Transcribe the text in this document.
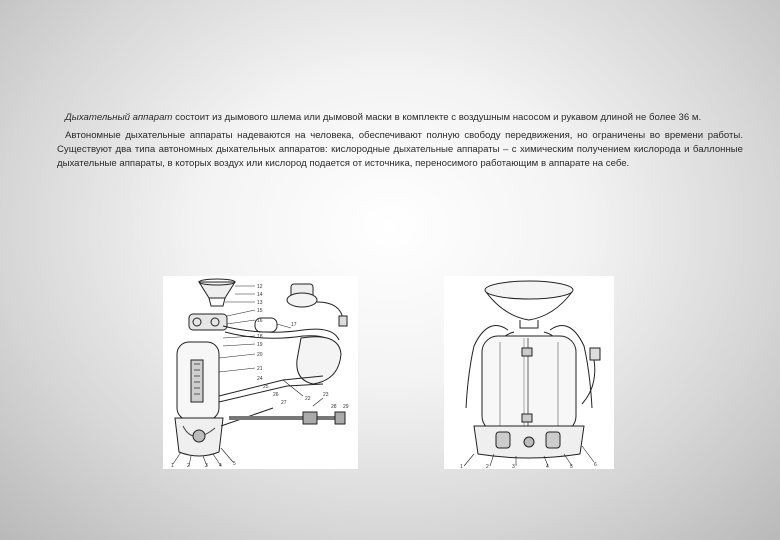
Дыхательный аппарат состоит из дымового шлема или дымовой маски в комплекте с воздушным насосом и рукавом длиной не более 36 м.

Автономные дыхательные аппараты надеваются на человека, обеспечивают полную свободу передвижения, но ограничены во времени работы. Существуют два типа автономных дыхательных аппаратов: кислородные дыхательные аппараты – с химическим получением кислорода и баллонные дыхательные аппараты, в которых воздух или кислород подается от источника, переносимого работающим в аппарате на себе.

12
14
13
15
16
17
18
19
20
21
22
23
24
25
26
27
28 29
1	2	3 4 5	1	2	3	4	5	6
